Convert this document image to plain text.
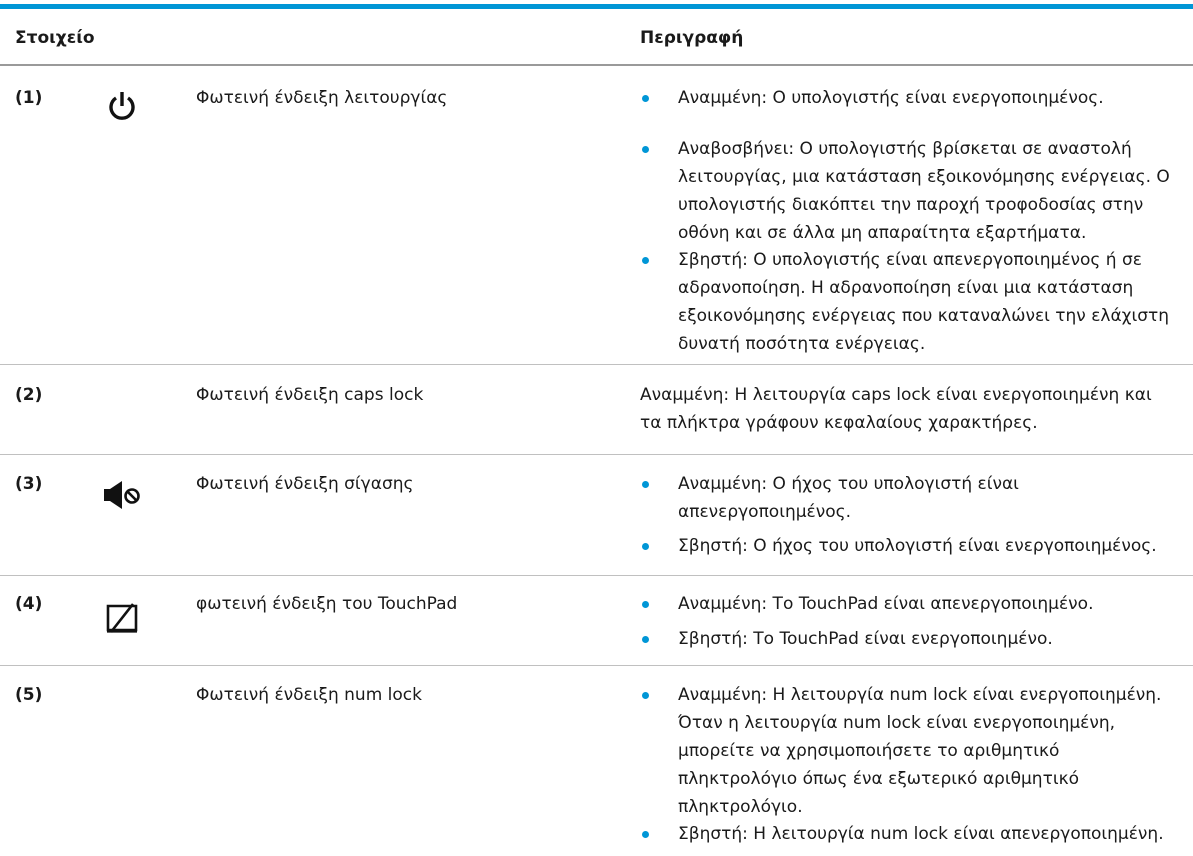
Στοιχείο	Περιγραφή
(1)	Φωτεινή ένδειξη λειτουργίας	Αναμμένη: Ο υπολογιστής είναι ενεργοποιημένος.
Αναβοσβήνει: Ο υπολογιστής βρίσκεται σε αναστολή λειτουργίας, μια κατάσταση εξοικονόμησης ενέργειας. Ο υπολογιστής διακόπτει την παροχή τροφοδοσίας στην οθόνη και σε άλλα μη απαραίτητα εξαρτήματα.
Σβηστή: Ο υπολογιστής είναι απενεργοποιημένος ή σε αδρανοποίηση. Η αδρανοποίηση είναι μια κατάσταση εξοικονόμησης ενέργειας που καταναλώνει την ελάχιστη δυνατή ποσότητα ενέργειας.
(2)	Φωτεινή ένδειξη caps lock	Αναμμένη: Η λειτουργία caps lock είναι ενεργοποιημένη και τα πλήκτρα γράφουν κεφαλαίους χαρακτήρες.
(3)	Φωτεινή ένδειξη σίγασης	Αναμμένη: Ο ήχος του υπολογιστή είναι απενεργοποιημένος.
Σβηστή: Ο ήχος του υπολογιστή είναι ενεργοποιημένος.
(4)	φωτεινή ένδειξη του TouchPad	Αναμμένη: Το TouchPad είναι απενεργοποιημένο.
Σβηστή: Το TouchPad είναι ενεργοποιημένο.
(5)	Φωτεινή ένδειξη num lock	Αναμμένη: Η λειτουργία num lock είναι ενεργοποιημένη. Όταν η λειτουργία num lock είναι ενεργοποιημένη, μπορείτε να χρησιμοποιήσετε το αριθμητικό πληκτρολόγιο όπως ένα εξωτερικό αριθμητικό πληκτρολόγιο.
Σβηστή: Η λειτουργία num lock είναι απενεργοποιημένη.
